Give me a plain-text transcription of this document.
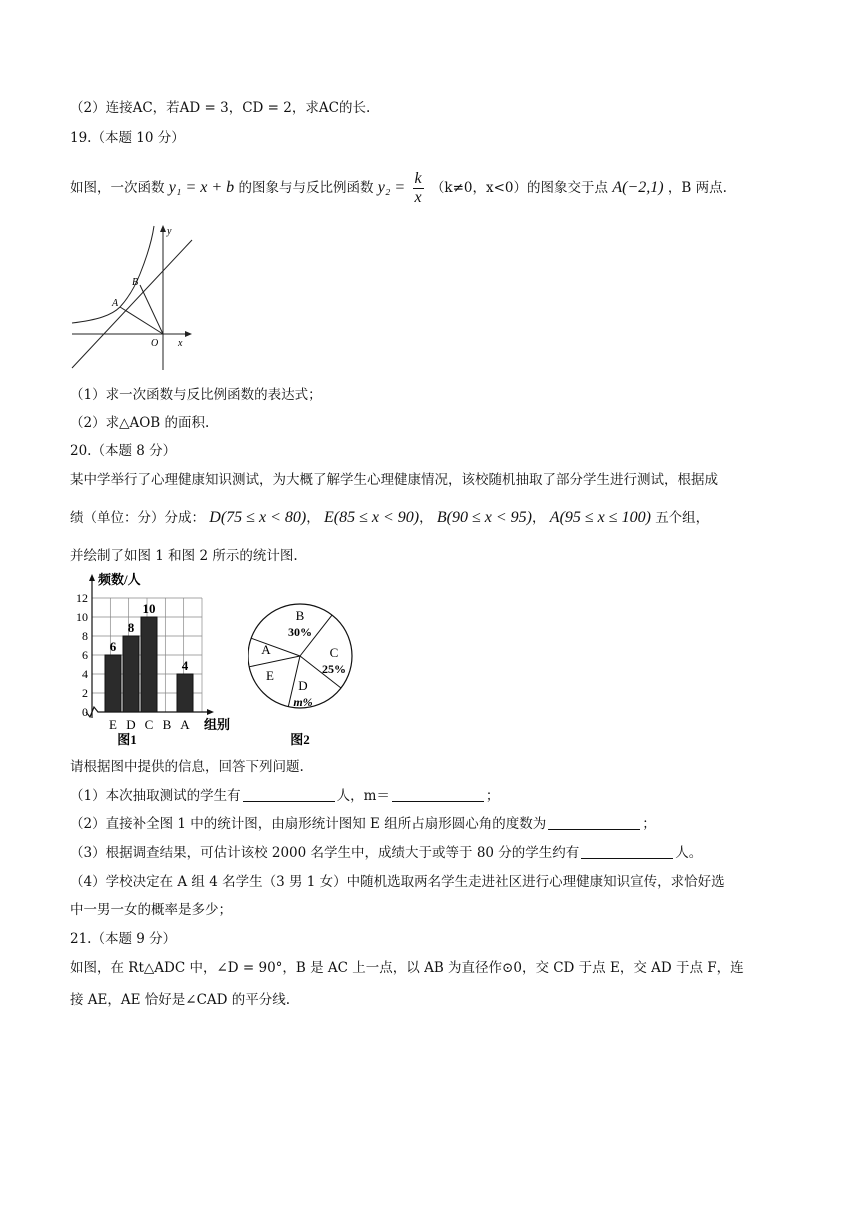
（2）连接AC，若AD = 3，CD = 2，求AC的长.
19.（本题 10 分）
如图，一次函数 y₁ = x + b 的图象与与反比例函数 $y_2 = \frac{k}{x} (k\ne 0$，x<0）的图象交于点 A(−2,1) ，B 两点.
y
x
O
A
B
（1）求一次函数与反比例函数的表达式；
（2）求△AOB 的面积.
20.（本题 8 分）
某中学举行了心理健康知识测试，为大概了解学生心理健康情况，该校随机抽取了部分学生进行测试，根据成
绩（单位：分）分成： D(75 ≤ x < 80)， E(85 ≤ x < 90)， B(90 ≤ x < 95)， A(95 ≤ x ≤ 100) 五个组，
并绘制了如图 1 和图 2 所示的统计图.
0
2
4
6
8
10
12
频数/人
组别
E
6
D
8
C
10
B A
4
图1
B
30%
C
25%
D
m%
E
A
图2
请根据图中提供的信息，回答下列问题.
（1）本次抽取测试的学生有	人，m＝	；
（2）直接补全图 1 中的统计图，由扇形统计图知 E 组所占扇形圆心角的度数为	；
（3）根据调查结果，可估计该校 2000 名学生中，成绩大于或等于 80 分的学生约有	人。
（4）学校决定在 A 组 4 名学生（3 男 1 女）中随机选取两名学生走进社区进行心理健康知识宣传，求恰好选
中一男一女的概率是多少；
21.（本题 9 分）
如图，在 Rt△ADC 中，∠D = 90°，B 是 AC 上一点，以 AB 为直径作⊙0，交 CD 于点 E，交 AD 于点 F，连
接 AE，AE 恰好是∠CAD 的平分线.
